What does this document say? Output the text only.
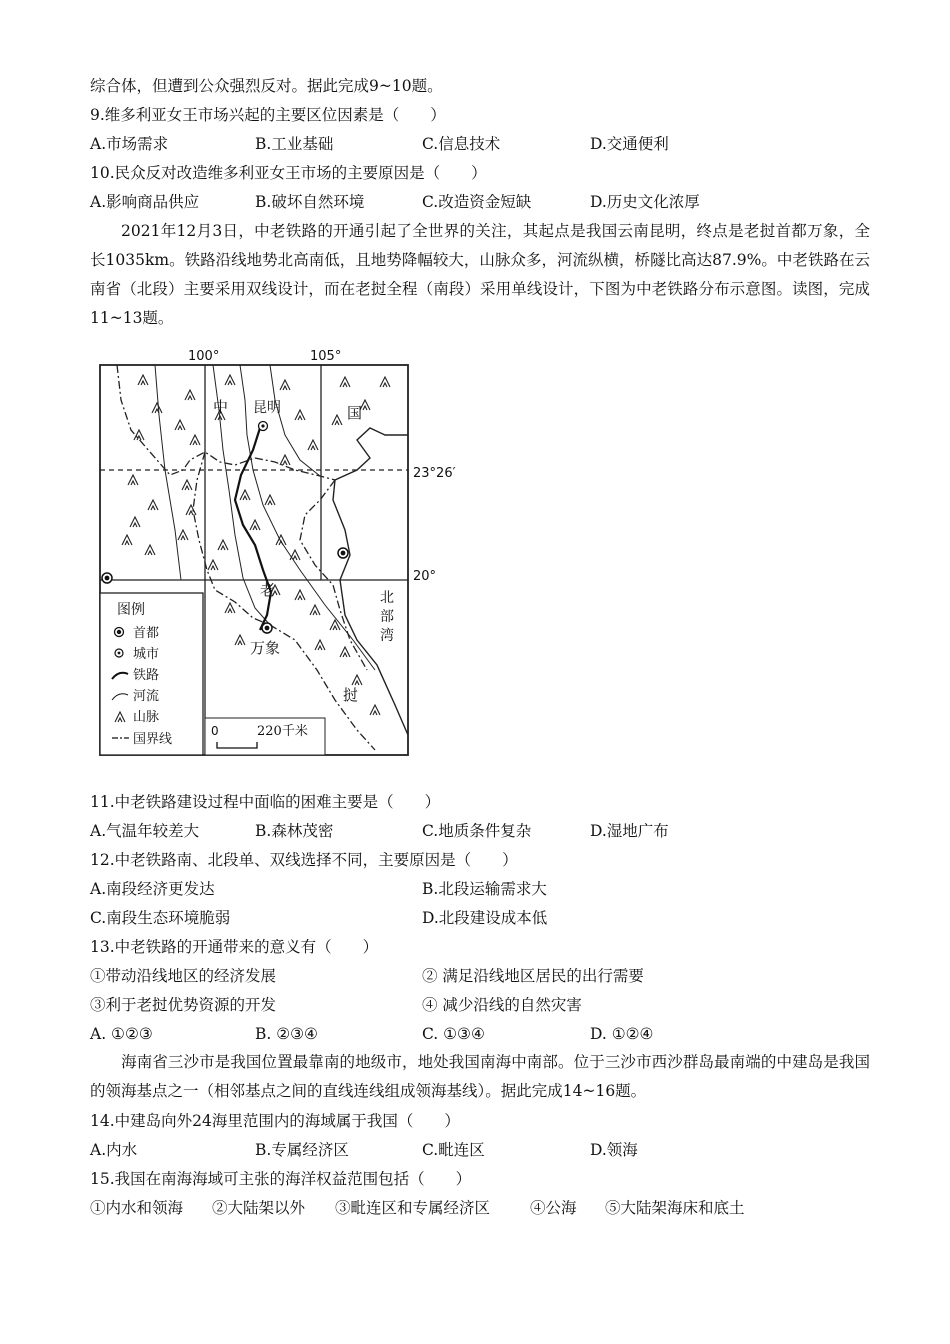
综合体，但遭到公众强烈反对。据此完成9~10题。
9.维多利亚女王市场兴起的主要区位因素是（　　）
A.市场需求	B.工业基础	C.信息技术	D.交通便利
10.民众反对改造维多利亚女王市场的主要原因是（　　）
A.影响商品供应	B.破坏自然环境	C.改造资金短缺	D.历史文化浓厚
2021年12月3日，中老铁路的开通引起了全世界的关注，其起点是我国云南昆明，终点是老挝首都万象，全长1035km。铁路沿线地势北高南低，且地势降幅较大，山脉众多，河流纵横，桥隧比高达87.9%。中老铁路在云南省（北段）主要采用双线设计，而在老挝全程（南段）采用单线设计，下图为中老铁路分布示意图。读图，完成11~13题。
100°	105°
23°26′
20°
中 昆明	国
老
万象
北
部
湾
挝
图例
首都
城市
铁路
河流
山脉
国界线
0	220千米
11.中老铁路建设过程中面临的困难主要是（　　）
A.气温年较差大	B.森林茂密	C.地质条件复杂	D.湿地广布
12.中老铁路南、北段单、双线选择不同，主要原因是（　　）
A.南段经济更发达	B.北段运输需求大
C.南段生态环境脆弱	D.北段建设成本低
13.中老铁路的开通带来的意义有（　　）
①带动沿线地区的经济发展	② 满足沿线地区居民的出行需要
③利于老挝优势资源的开发	④ 减少沿线的自然灾害
A. ①②③	B. ②③④	C. ①③④	D. ①②④
海南省三沙市是我国位置最靠南的地级市，地处我国南海中南部。位于三沙市西沙群岛最南端的中建岛是我国的领海基点之一（相邻基点之间的直线连线组成领海基线）。据此完成14~16题。
14.中建岛向外24海里范围内的海域属于我国（　　）
A.内水	B.专属经济区	C.毗连区	D.领海
15.我国在南海海域可主张的海洋权益范围包括（　　）
①内水和领海 ②大陆架以外 ③毗连区和专属经济区	④公海 ⑤大陆架海床和底土
